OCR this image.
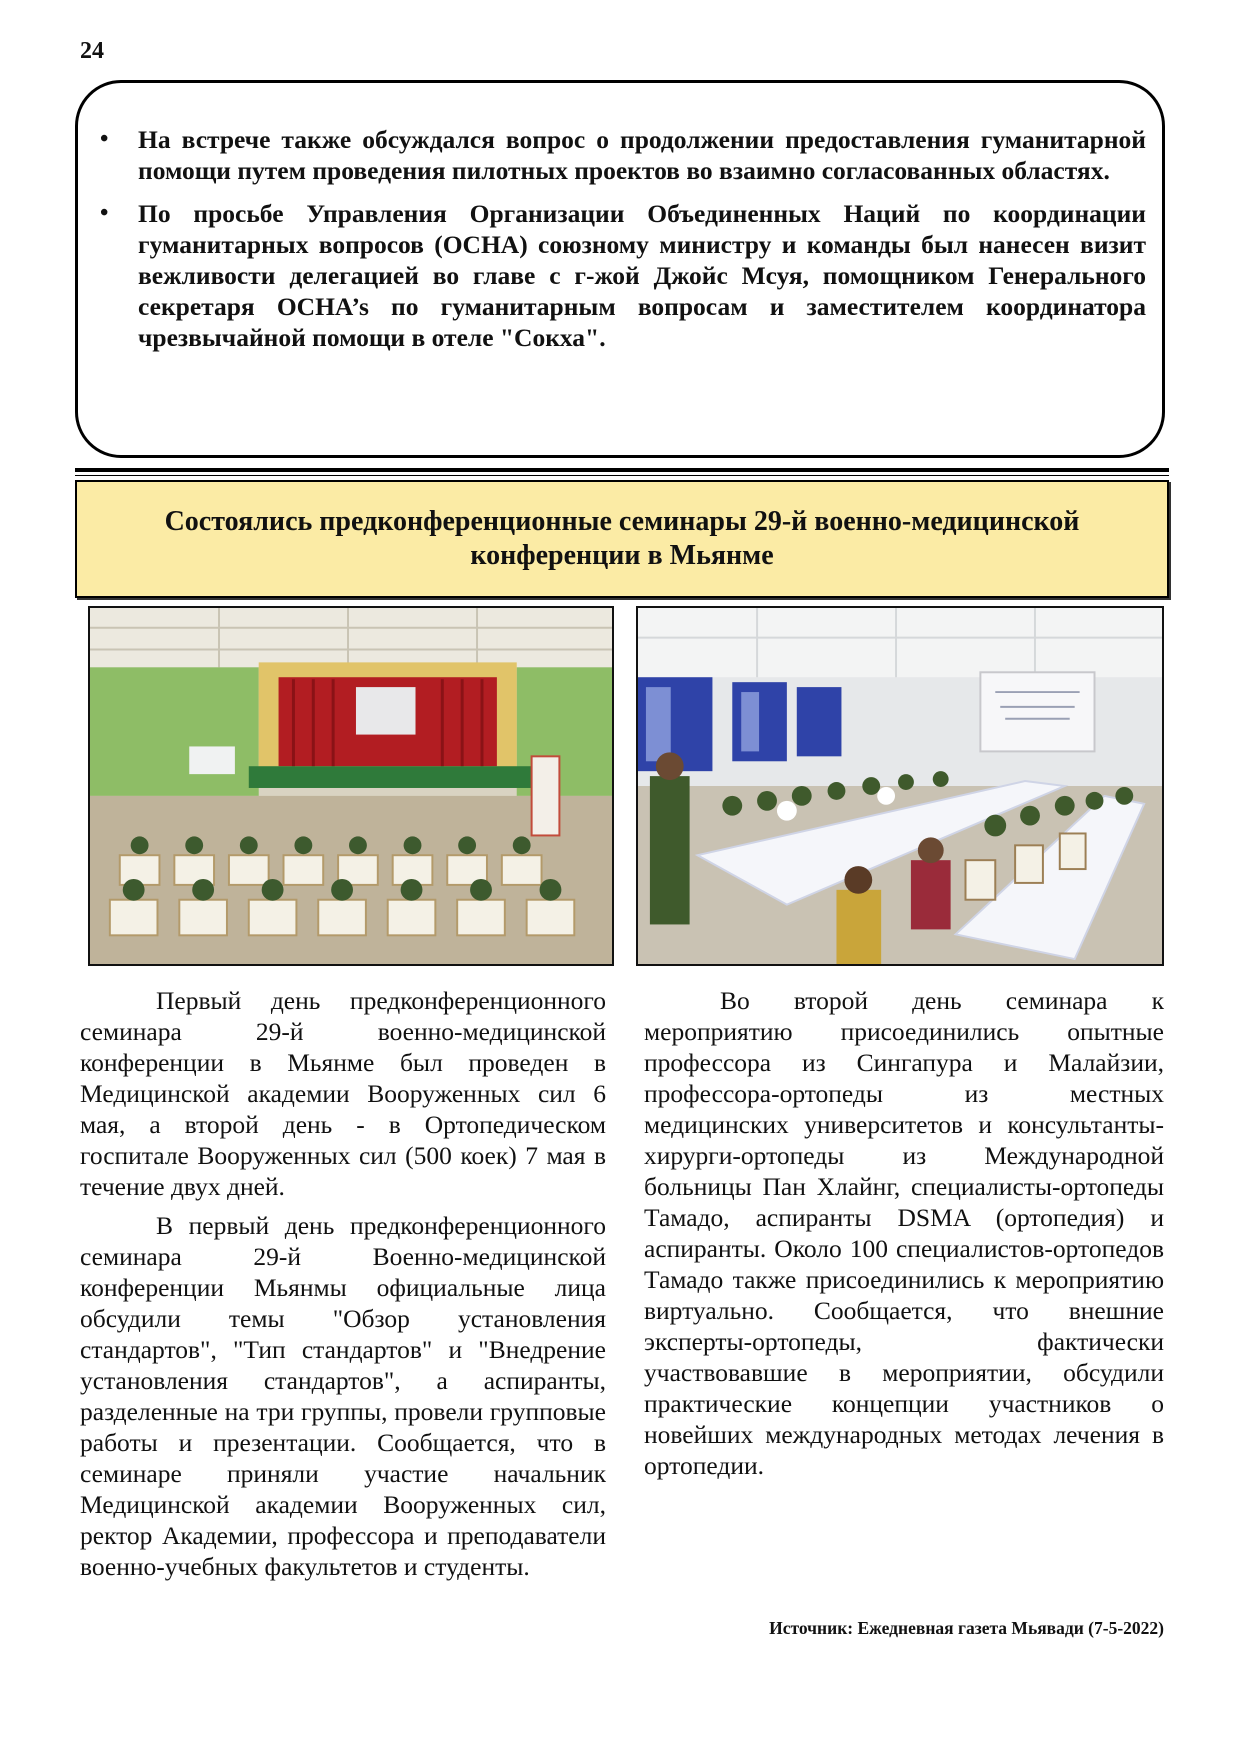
24
• На встрече также обсуждался вопрос о продолжении предоставления гуманитарной помощи путем проведения пилотных проектов во взаимно согласованных областях.
• По просьбе Управления Организации Объединенных Наций по координации гуманитарных вопросов (OCHA) союзному министру и команды был нанесен визит вежливости делегацией во главе с г-жой Джойс Мсуя, помощником Генерального секретаря OCHA’s по гуманитарным вопросам и заместителем координатора чрезвычайной помощи в отеле "Сокха".
Состоялись предконференционные семинары 29-й военно-медицинской конференции в Мьянме

Первый день предконференционного семинара 29-й военно-медицинской конференции в Мьянме был проведен в Медицинской академии Вооруженных сил 6 мая, а второй день - в Ортопедическом госпитале Вооруженных сил (500 коек) 7 мая в течение двух дней.

В первый день предконференционного семинара 29-й Военно-медицинской конференции Мьянмы официальные лица обсудили темы "Обзор установления стандартов", "Тип стандартов" и "Внедрение установления стандартов", а аспиранты, разделенные на три группы, провели групповые работы и презентации. Сообщается, что в семинаре приняли участие начальник Медицинской академии Вооруженных сил, ректор Академии, профессора и преподаватели военно-учебных факультетов и студенты.

Во второй день семинара к мероприятию присоединились опытные профессора из Сингапура и Малайзии, профессора-ортопеды из местных медицинских университетов и консультанты-хирурги-ортопеды из Международной больницы Пан Хлайнг, специалисты-ортопеды Тамадо, аспиранты DSMA (ортопедия) и аспиранты. Около 100 специалистов-ортопедов Тамадо также присоединились к мероприятию виртуально. Сообщается, что внешние эксперты-ортопеды, фактически участвовавшие в мероприятии, обсудили практические концепции участников о новейших международных методах лечения в ортопедии.

Источник: Ежедневная газета Мьявади (7-5-2022)
